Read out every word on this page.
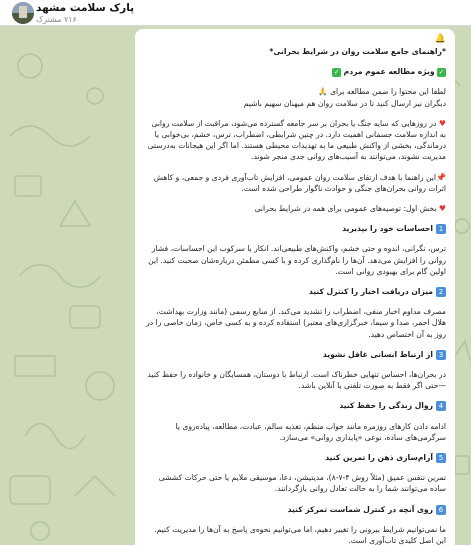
پارک سلامت مشهد
۷۱۶ مشترک
🔔

*راهنمای جامع سلامت روان در شرایط بحرانی*

✓ ویژه مطالعه عموم مردم ✓

لطفا این محتوا را ضمن مطالعه برای 🙏
دیگران نیز ارسال کنید تا در سلامت روان هم میهنان سهیم باشیم

♥ در روزهایی که سایه جنگ یا بحران بر سر جامعه گسترده می‌شود، مراقبت از سلامت روانی به اندازه سلامت جسمانی اهمیت دارد. در چنین شرایطی، اضطراب، ترس، خشم، بی‌خوابی یا درماندگی، بخشی از واکنش طبیعی ما به تهدیدات محیطی هستند. اما اگر این هیجانات به‌درستی مدیریت نشوند، می‌توانند به آسیب‌های روانی جدی منجر شوند.

📌این راهنما با هدف ارتقای سلامت روان عمومی، افزایش تاب‌آوری فردی و جمعی، و کاهش اثرات روانی بحران‌های جنگی و حوادث ناگوار طراحی شده است.

♥ بخش اول: توصیه‌های عمومی برای همه در شرایط بحرانی

1احساسات خود را بپذیرید

ترس، نگرانی، اندوه و حتی خشم، واکنش‌های طبیعی‌اند. انکار یا سرکوب این احساسات، فشار روانی را افزایش می‌دهد. آن‌ها را نام‌گذاری کرده و با کسی مطمئن درباره‌شان صحبت کنید. این اولین گام برای بهبودی روانی است.

2میزان دریافت اخبار را کنترل کنید

مصرف مداوم اخبار منفی، اضطراب را تشدید می‌کند. از منابع رسمی (مانند وزارت بهداشت، هلال احمر، صدا و سیما، خبرگزاری‌های معتبر) استفاده کرده و به کسی خاص، زمان خاصی را در روز به آن اختصاص دهید.

3از ارتباط انسانی غافل نشوید

در بحران‌ها، احساس تنهایی خطرناک است. ارتباط با دوستان، همسایگان و خانواده را حفظ کنید—حتی اگر فقط به صورت تلفنی یا آنلاین باشد.

4روال زندگی را حفظ کنید

ادامه دادن کارهای روزمره مانند خواب منظم، تغذیه سالم، عبادت، مطالعه، پیاده‌روی یا سرگرمی‌های ساده، نوعی «پایداری روانی» می‌سازد.

5آرام‌سازی ذهن را تمرین کنید

تمرین تنفس عمیق (مثلاً روش ۴-۷-۸)، مدیتیشن، دعا، موسیقی ملایم یا حتی حرکات کششی ساده می‌توانند شما را به حالت تعادل روانی بازگردانند.

6روی آنچه در کنترل شماست تمرکز کنید

ما نمی‌توانیم شرایط بیرونی را تغییر دهیم، اما می‌توانیم نحوه‌ی پاسخ به آن‌ها را مدیریت کنیم. این اصل کلیدی تاب‌آوری است.
